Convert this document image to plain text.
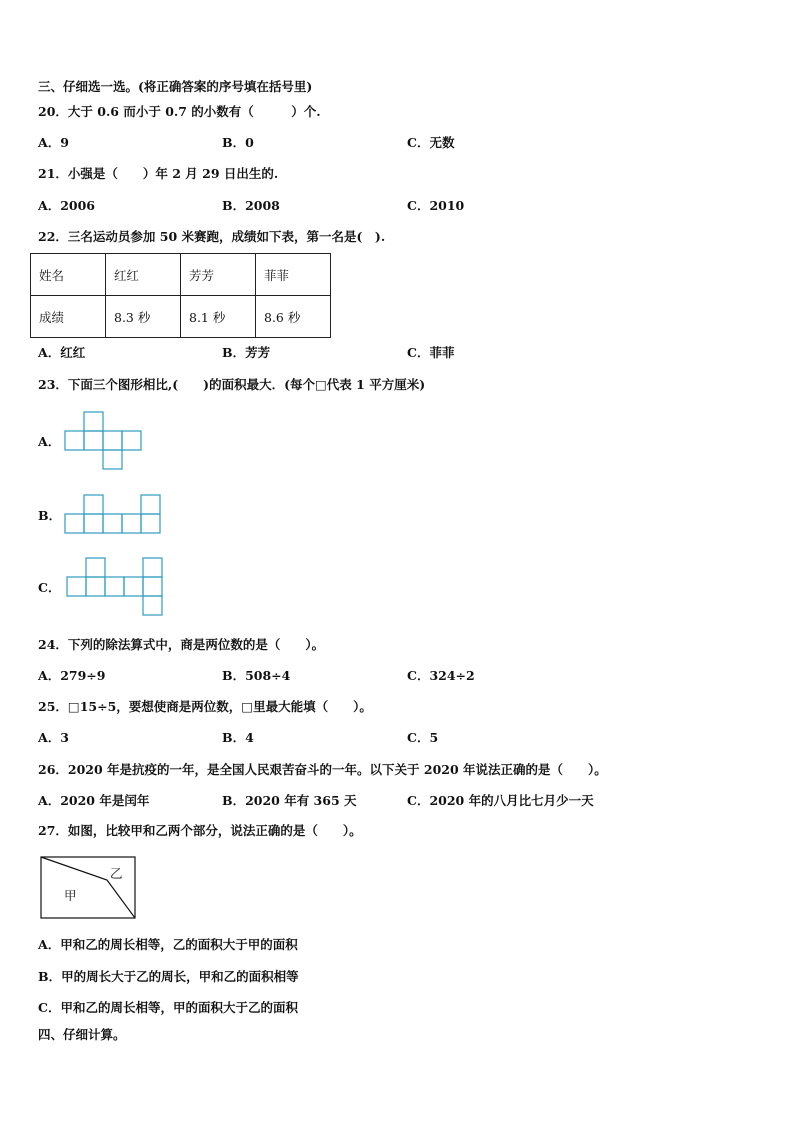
三、仔细选一选。(将正确答案的序号填在括号里)
20．大于 0.6 而小于 0.7 的小数有（　　　）个.
A．9	B．0	C．无数
21．小强是（　　）年 2 月 29 日出生的.
A．2006	B．2008	C．2010
22．三名运动员参加 50 米赛跑，成绩如下表，第一名是(　).
姓名	红红	芳芳	菲菲
成绩	8.3 秒	8.1 秒	8.6 秒
A．红红	B．芳芳	C．菲菲
23．下面三个图形相比,(　　)的面积最大．(每个□代表 1 平方厘米)
A．
B．
C．
24．下列的除法算式中，商是两位数的是（　　）。
A．279÷9	B．508÷4	C．324÷2
25．□15÷5，要想使商是两位数，□里最大能填（　　）。
A．3	B．4	C．5
26．2020 年是抗疫的一年，是全国人民艰苦奋斗的一年。以下关于 2020 年说法正确的是（　　）。
A．2020 年是闰年	B．2020 年有 365 天	C．2020 年的八月比七月少一天
27．如图，比较甲和乙两个部分，说法正确的是（　　）。
甲
乙
A．甲和乙的周长相等，乙的面积大于甲的面积
B．甲的周长大于乙的周长，甲和乙的面积相等
C．甲和乙的周长相等，甲的面积大于乙的面积
四、仔细计算。
